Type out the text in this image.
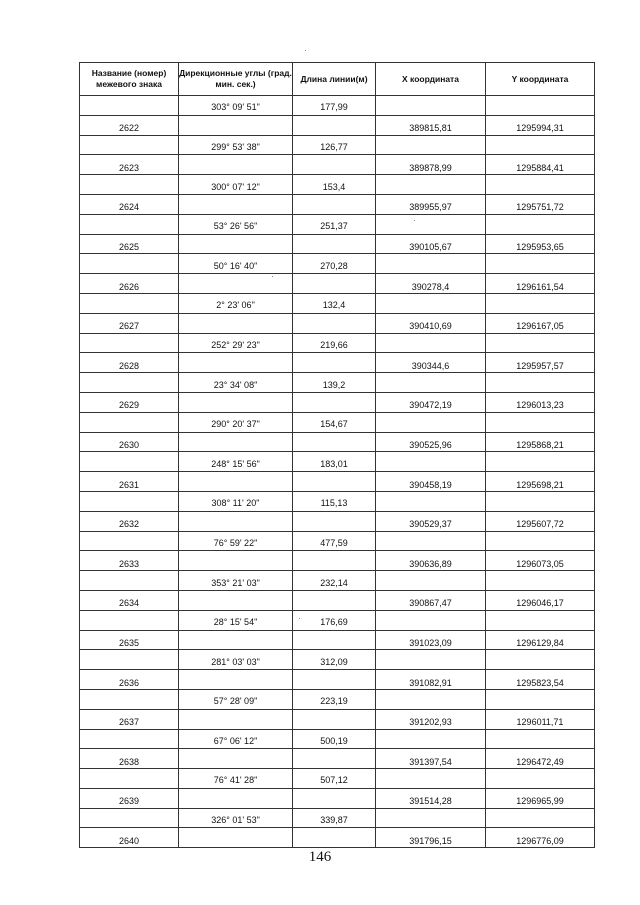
Название (номер) межевого знака	Дирекционные углы (град. мин. сек.)	Длина линии(м)	X координата	Y координата
	303° 09' 51"	177,99		
2622			389815,81	1295994,31
	299° 53' 38"	126,77		
2623			389878,99	1295884,41
	300° 07' 12"	153,4		
2624			389955,97	1295751,72
	53° 26' 56"	251,37		
2625			390105,67	1295953,65
	50° 16' 40"	270,28		
2626			390278,4	1296161,54
	2° 23' 06"	132,4		
2627			390410,69	1296167,05
	252° 29' 23"	219,66		
2628			390344,6	1295957,57
	23° 34' 08"	139,2		
2629			390472,19	1296013,23
	290° 20' 37"	154,67		
2630			390525,96	1295868,21
	248° 15' 56"	183,01		
2631			390458,19	1295698,21
	308° 11' 20"	115,13		
2632			390529,37	1295607,72
	76° 59' 22"	477,59		
2633			390636,89	1296073,05
	353° 21' 03"	232,14		
2634			390867,47	1296046,17
	28° 15' 54"	176,69		
2635			391023,09	1296129,84
	281° 03' 03"	312,09		
2636			391082,91	1295823,54
	57° 28' 09"	223,19		
2637			391202,93	1296011,71
	67° 06' 12"	500,19		
2638			391397,54	1296472,49
	76° 41' 28"	507,12		
2639			391514,28	1296965,99
	326° 01' 53"	339,87		
2640			391796,15	1296776,09
146
